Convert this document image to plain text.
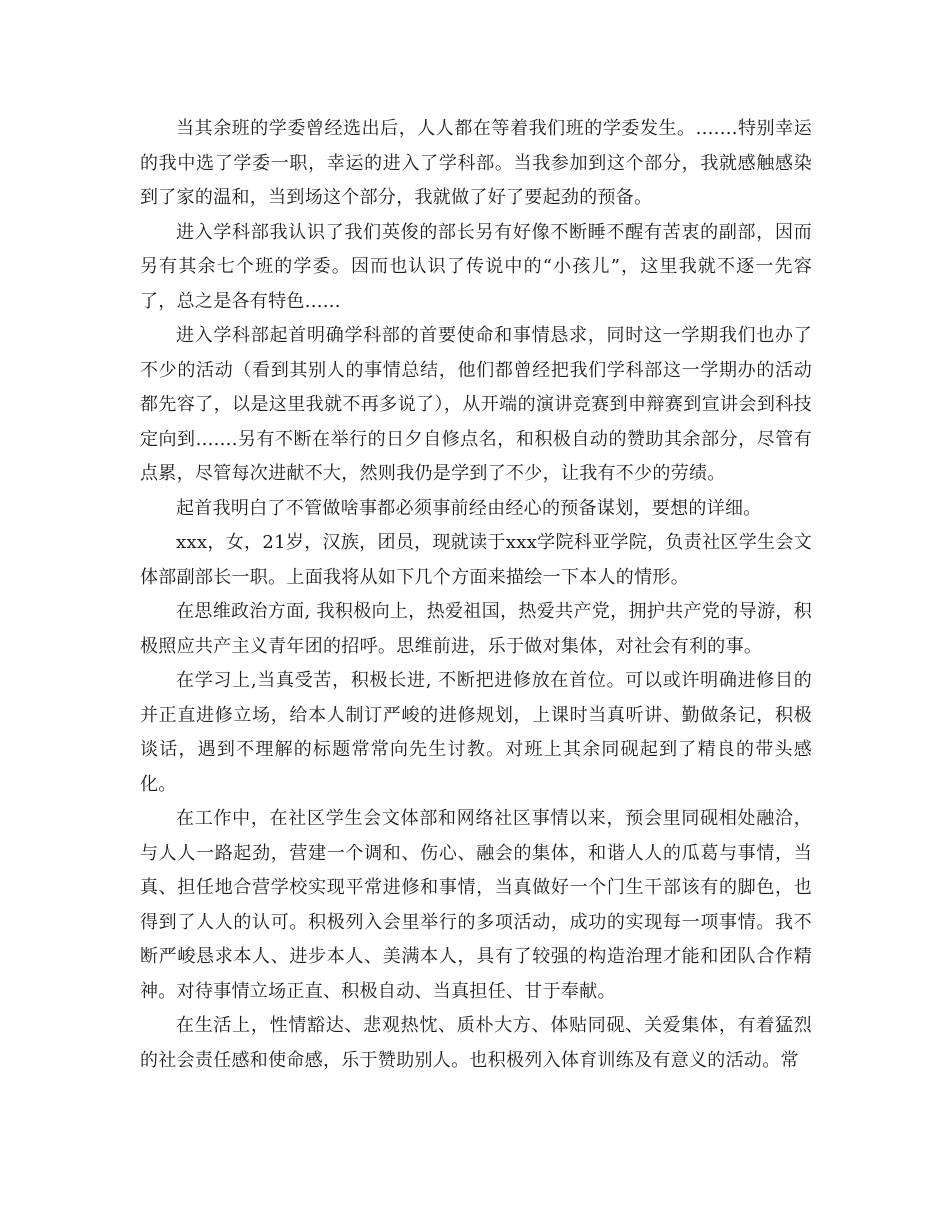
当其余班的学委曾经选出后，人人都在等着我们班的学委发生。.......特别幸运的我中选了学委一职，幸运的进入了学科部。当我参加到这个部分，我就感触感染到了家的温和，当到场这个部分，我就做了好了要起劲的预备。

进入学科部我认识了我们英俊的部长另有好像不断睡不醒有苦衷的副部，因而另有其余七个班的学委。因而也认识了传说中的“小孩儿”，这里我就不逐一先容了，总之是各有特色......

进入学科部起首明确学科部的首要使命和事情恳求，同时这一学期我们也办了不少的活动（看到其别人的事情总结，他们都曾经把我们学科部这一学期办的活动都先容了，以是这里我就不再多说了），从开端的演讲竞赛到申辩赛到宣讲会到科技定向到.......另有不断在举行的日夕自修点名，和积极自动的赞助其余部分，尽管有点累，尽管每次进献不大，然则我仍是学到了不少，让我有不少的劳绩。

起首我明白了不管做啥事都必须事前经由经心的预备谋划，要想的详细。

xxx，女，21岁，汉族，团员，现就读于xxx学院科亚学院，负责社区学生会文体部副部长一职。上面我将从如下几个方面来描绘一下本人的情形。

在思维政治方面, 我积极向上，热爱祖国，热爱共产党，拥护共产党的导游，积极照应共产主义青年团的招呼。思维前进，乐于做对集体，对社会有利的事。

在学习上,当真受苦，积极长进, 不断把进修放在首位。可以或许明确进修目的并正直进修立场，给本人制订严峻的进修规划，上课时当真听讲、勤做条记，积极谈话，遇到不理解的标题常常向先生讨教。对班上其余同砚起到了精良的带头感化。

在工作中，在社区学生会文体部和网络社区事情以来，预会里同砚相处融洽，与人人一路起劲，营建一个调和、伤心、融会的集体，和谐人人的瓜葛与事情，当真、担任地合营学校实现平常进修和事情，当真做好一个门生干部该有的脚色，也得到了人人的认可。积极列入会里举行的多项活动，成功的实现每一项事情。我不断严峻恳求本人、进步本人、美满本人，具有了较强的构造治理才能和团队合作精神。对待事情立场正直、积极自动、当真担任、甘于奉献。

在生活上，性情豁达、悲观热忱、质朴大方、体贴同砚、关爱集体，有着猛烈的社会责任感和使命感，乐于赞助别人。也积极列入体育训练及有意义的活动。常
